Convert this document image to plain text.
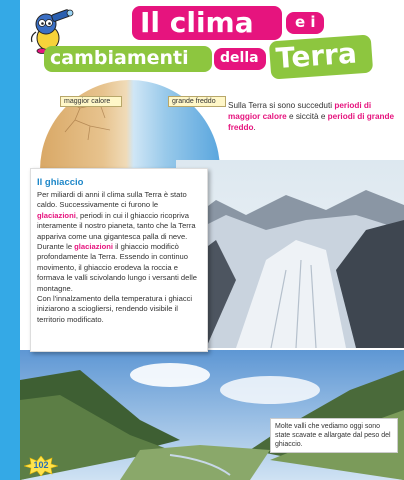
Il clima	e i
cambiamenti della Terra
maggior calore	grande freddo	Sulla Terra si sono succeduti periodi di maggior calore e siccità e periodi di grande freddo.
Il ghiaccio
Per miliardi di anni il clima sulla Terra è stato caldo. Successivamente ci furono le glaciazioni, periodi in cui il ghiaccio ricopriva interamente il nostro pianeta, tanto che la Terra appariva come una gigantesca palla di neve.
Durante le glaciazioni il ghiaccio modificò profondamente la Terra. Essendo in continuo movimento, il ghiaccio erodeva la roccia e formava le valli scivolando lungo i versanti delle montagne.
Con l'innalzamento della temperatura i ghiacci iniziarono a sciogliersi, rendendo visibile il territorio modificato.
Molte valli che vediamo oggi sono state scavate e allargate dal peso del ghiaccio.
102
